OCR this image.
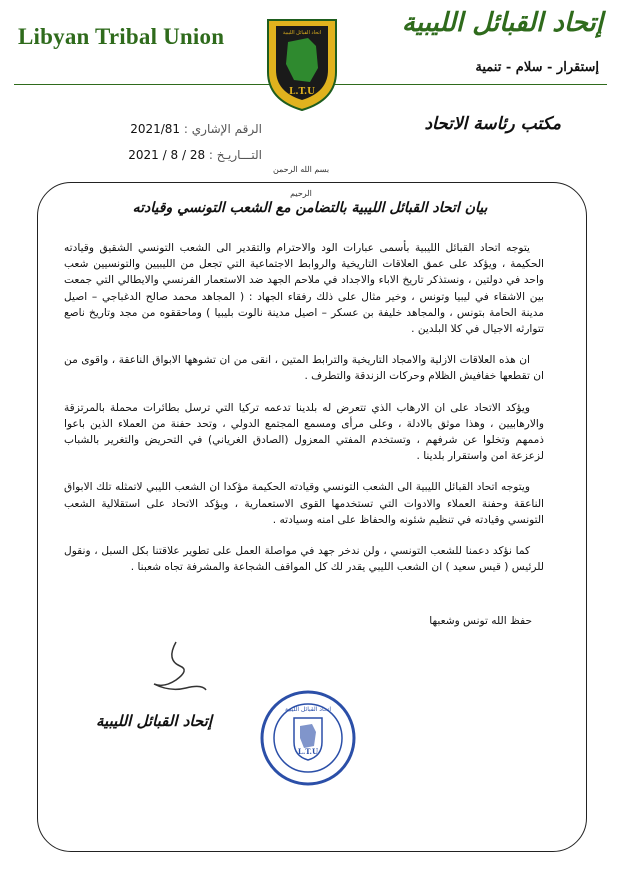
Libyan Tribal Union	إتحاد القبائل الليبية
إستقرار - سلام - تنمية
اتحاد القبائل الليبية
L.T.U
مكتب رئاسة الاتحاد
الرقم الإشاري : 2021/81
التـــاريـخ : 28 / 8 / 2021
بسم الله الرحمن الرحيم
بيان اتحاد القبائل الليبية بالتضامن مع الشعب التونسي وقيادته

يتوجه اتحاد القبائل الليبية بأسمى عبارات الود والاحترام والتقدير الى الشعب التونسي الشقيق وقيادته الحكيمة ، ويؤكد على عمق العلاقات التاريخية والروابط الاجتماعية التي تجعل من الليبيين والتونسيين شعب واحد في دولتين ، ونستذكر تاريخ الاباء والاجداد في ملاحم الجهد ضد الاستعمار الفرنسي والايطالي التي جمعت بين الاشقاء في ليبيا وتونس ، وخير مثال على ذلك رفقاء الجهاد : ( المجاهد محمد صالح الدغباجي – اصيل مدينة الحامة بتونس ، والمجاهد خليفة بن عسكر – اصيل مدينة نالوت بليبيا ) وماحققوه من مجد وتاريخ ناصع تتوارثه الاجيال في كلا البلدين .

ان هذه العلاقات الازلية والامجاد التاريخية والترابط المتين ، انقى من ان تشوهها الابواق الناعقة ، واقوى من ان تقطعها خفافيش الظلام وحركات الزندقة والتطرف .

ويؤكد الاتحاد على ان الارهاب الذي تتعرض له بلدينا تدعمه تركيا التي ترسل بطائرات محملة بالمرتزقة والارهابيين ، وهذا موثق بالادلة ، وعلى مرأى ومسمع المجتمع الدولي ، وتحد حفنة من العملاء الذين باعوا ذممهم وتخلوا عن شرفهم ، وتستخدم المفتي المعزول (الصادق الغرياني) في التحريض والتغرير بالشباب لزعزعة امن واستقرار بلدينا .

ويتوجه اتحاد القبائل الليبية الى الشعب التونسي وقيادته الحكيمة مؤكدا ان الشعب الليبي لاتمثله تلك الابواق الناعقة وحفنة العملاء والادوات التي تستخدمها القوى الاستعمارية ، ويؤكد الاتحاد على استقلالية الشعب التونسي وقيادته في تنظيم شئونه والحفاظ على امنه وسيادته .

كما نؤكد دعمنا للشعب التونسي ، ولن ندخر جهد في مواصلة العمل على تطوير علاقتنا بكل السبل ، ونقول للرئيس ( قيس سعيد ) ان الشعب الليبي يقدر لك كل المواقف الشجاعة والمشرفة تجاه شعبنا .

حفظ الله تونس وشعبها
إتحاد القبائل الليبية
اتحاد القبائل الليبية
L.T.U
